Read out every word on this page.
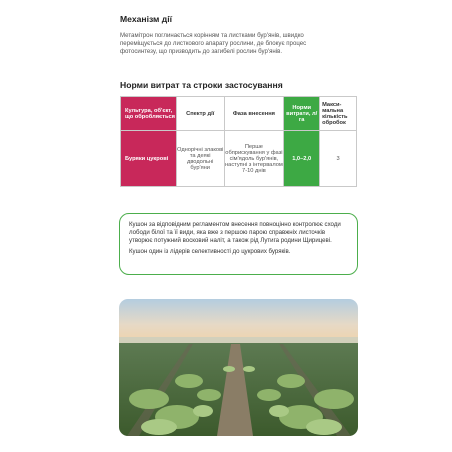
Механізм дії
Метамітрон поглинається корінням та листками бур'янів, швидко переміщується до листкового апарату рослини, де блокує процес фотосинтезу, що призводить до загибелі рослин бур'янів.
Норми витрат та строки застосування
Культура, об'єкт, що обробляється	Спектр дії	Фаза внесення	Норми витрати, л/га	Макси-мальна кількість обробок
Буряки цукрові	Однорічні злакові та деякі дводольні бур'яни	Перше обприскування у фазі сім'ядоль бур'янів, наступні з інтервалом 7-10 днів	1,0–2,0	3

Кушон за відповідним регламентом внесення повноцінно контролює сходи лободи білої та її види, яка вже з першою парою справжніх листочків утворює потужний восковий наліт, а також рід Лутига родини Щирицеві.

Кушон один із лідерів селективності до цукрових буряків.
